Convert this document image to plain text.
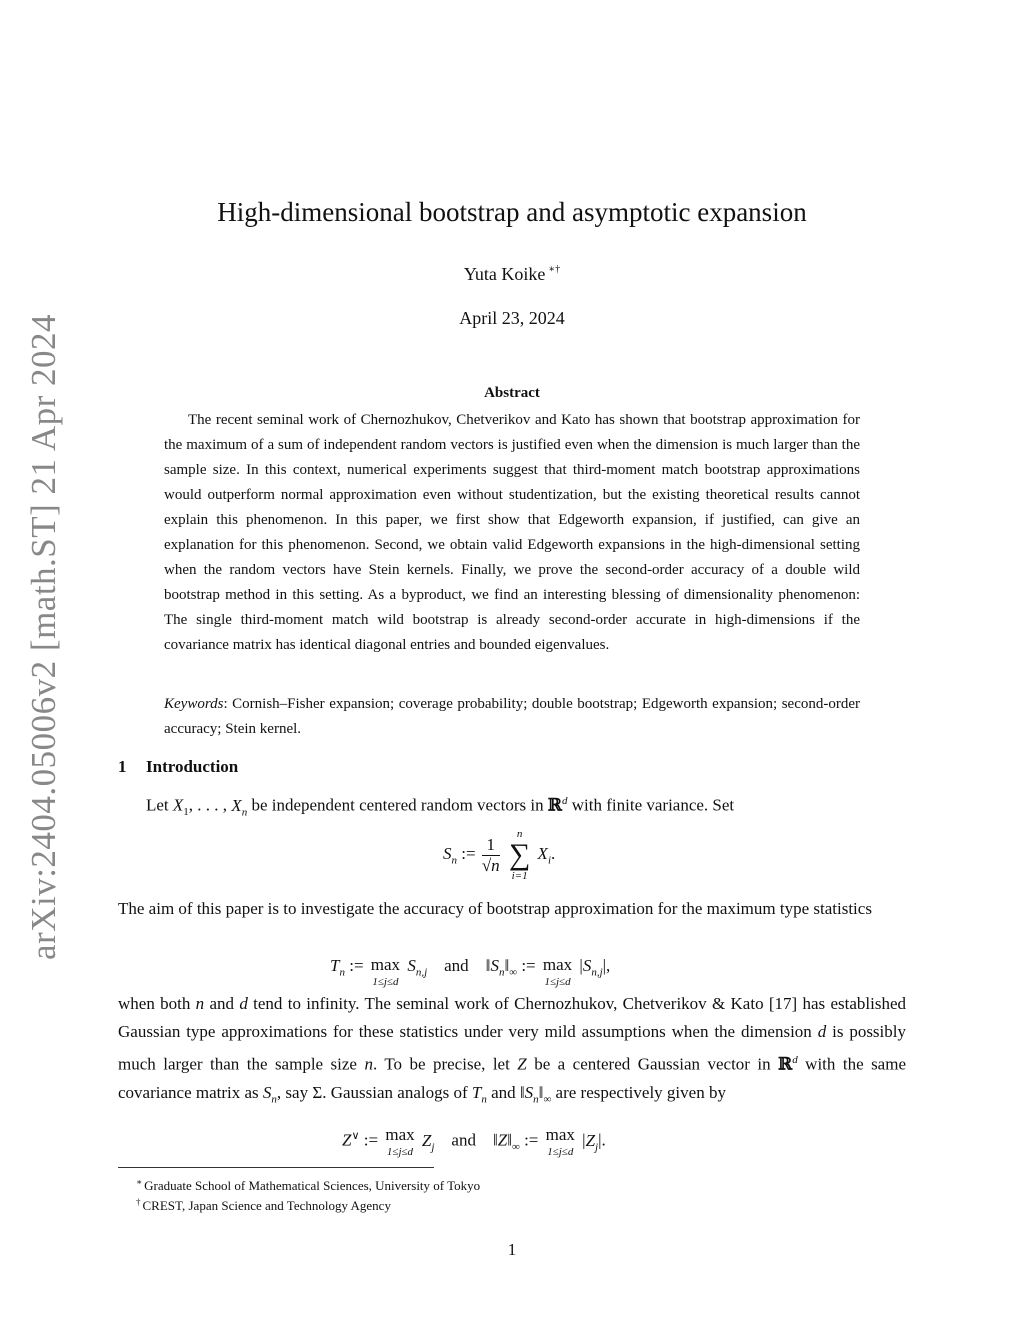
arXiv:2404.05006v2 [math.ST] 21 Apr 2024
High-dimensional bootstrap and asymptotic expansion
Yuta Koike ∗†
April 23, 2024
Abstract

The recent seminal work of Chernozhukov, Chetverikov and Kato has shown that bootstrap approximation for the maximum of a sum of independent random vectors is justified even when the dimension is much larger than the sample size. In this context, numerical experiments suggest that third-moment match bootstrap approximations would outperform normal approximation even without studentization, but the existing theoretical results cannot explain this phenomenon. In this paper, we first show that Edgeworth expansion, if justified, can give an explanation for this phenomenon. Second, we obtain valid Edgeworth expansions in the high-dimensional setting when the random vectors have Stein kernels. Finally, we prove the second-order accuracy of a double wild bootstrap method in this setting. As a byproduct, we find an interesting blessing of dimensionality phenomenon: The single third-moment match wild bootstrap is already second-order accurate in high-dimensions if the covariance matrix has identical diagonal entries and bounded eigenvalues.

Keywords: Cornish–Fisher expansion; coverage probability; double bootstrap; Edgeworth expansion; second-order accuracy; Stein kernel.

1 Introduction

Let $X_1$, . . . , $X_n$ be independent centered random vectors in ℝ$^d$ with finite variance. Set

$S_n$ := $\frac{1}{√n}$

n
∑
i=1
$X_i$.

The aim of this paper is to investigate the accuracy of bootstrap approximation for the maximum type statistics

$T_n$ := max
1≤j≤d
$S_{n,j}$ and    $‖S_n‖_\infty$ := max
1≤j≤d
$|S_{n,j}|$,

when both n and d tend to infinity. The seminal work of Chernozhukov, Chetverikov & Kato [17] has established Gaussian type approximations for these statistics under very mild assumptions when the dimension d is possibly much larger than the sample size n. To be precise, let Z be a centered Gaussian vector in ℝ$^d$ with the same covariance matrix as $S_n$, say Σ. Gaussian analogs of $T_n$ and $‖S_n‖_\infty$ are respectively given by

Z∨ := max
1≤j≤d
$Z_j$ and    $‖Z‖_\infty$ := max
1≤j≤d
$|Z_j|$.
∗ Graduate School of Mathematical Sciences, University of Tokyo
† CREST, Japan Science and Technology Agency
1
